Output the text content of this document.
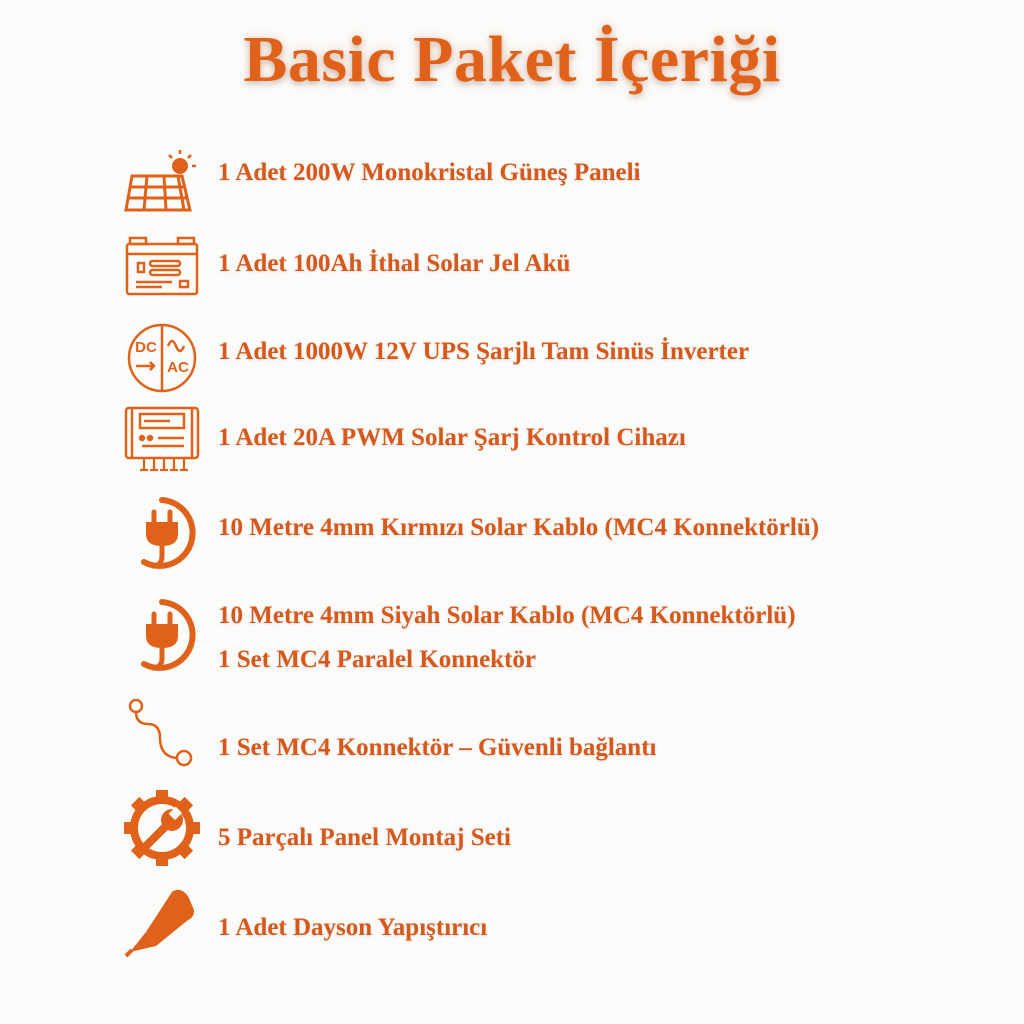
Basic Paket İçeriği
1 Adet 200W Monokristal Güneş Paneli
1 Adet 100Ah İthal Solar Jel Akü
DC
AC
1 Adet 1000W 12V UPS Şarjlı Tam Sinüs İnverter
1 Adet 20A PWM Solar Şarj Kontrol Cihazı
10 Metre 4mm Kırmızı Solar Kablo (MC4 Konnektörlü)
10 Metre 4mm Siyah Solar Kablo (MC4 Konnektörlü)
1 Set MC4 Paralel Konnektör
1 Set MC4 Konnektör – Güvenli bağlantı
5 Parçalı Panel Montaj Seti
1 Adet Dayson Yapıştırıcı
